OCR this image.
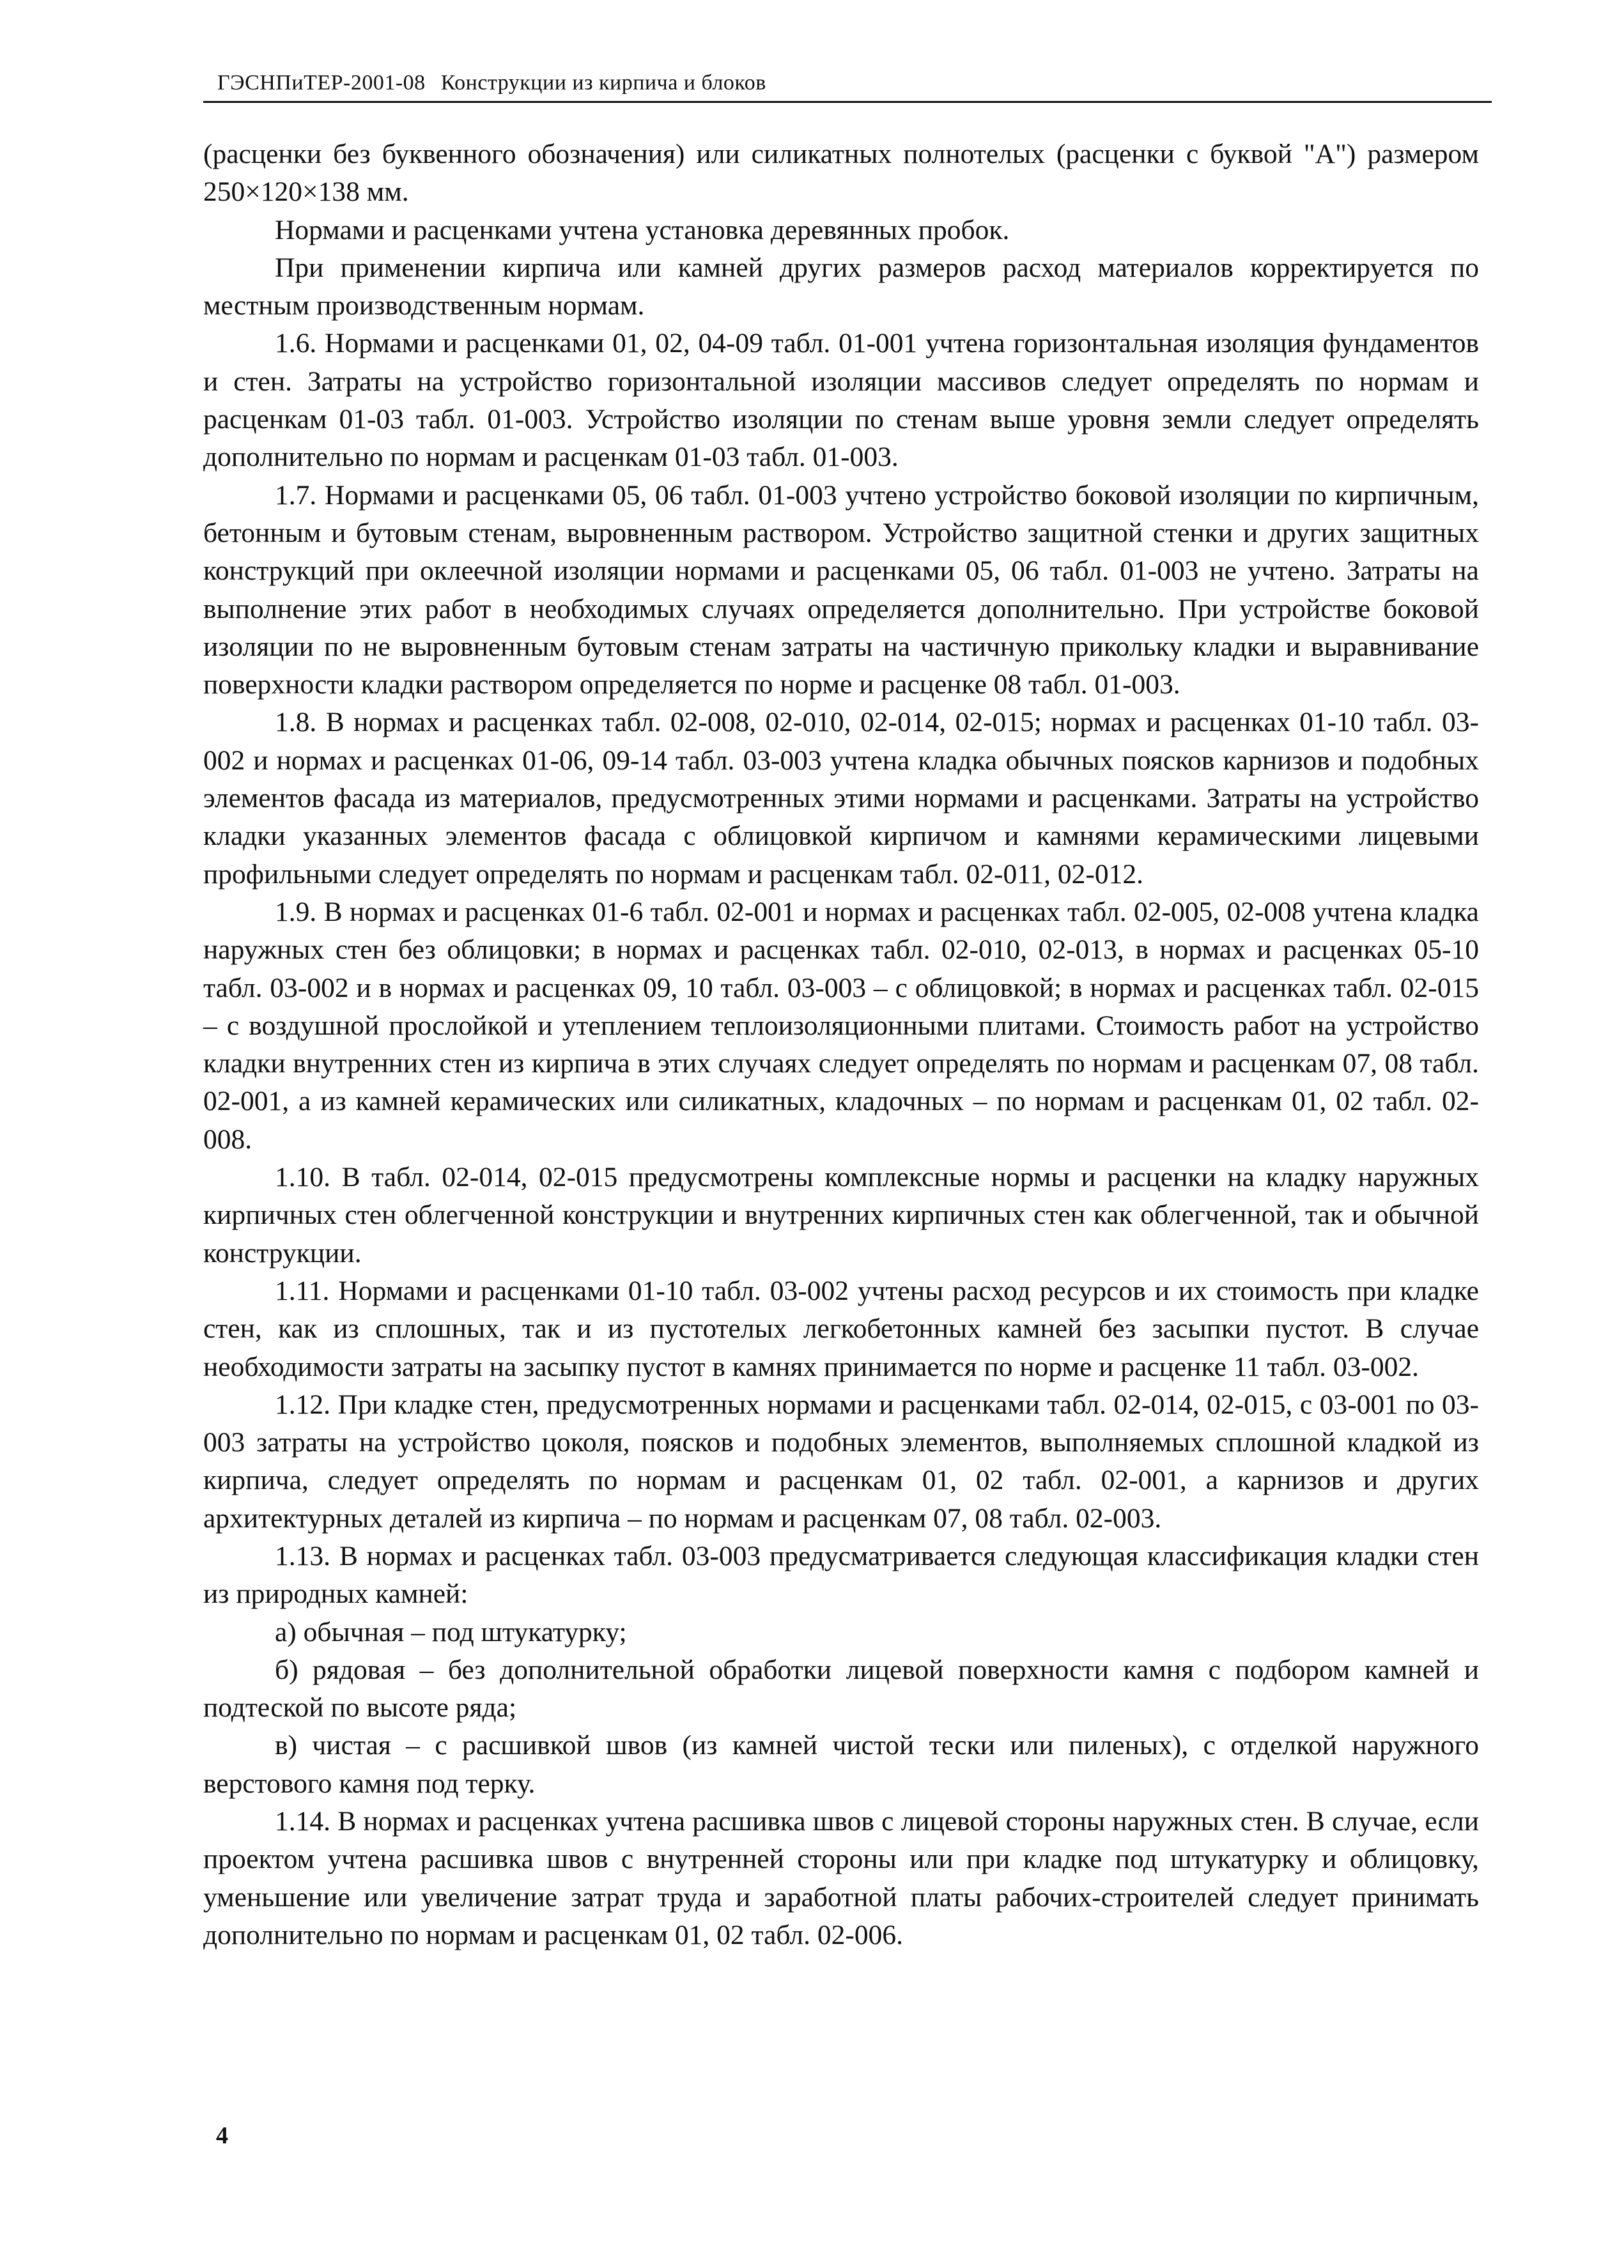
ГЭСНПиТЕР-2001-08 Конструкции из кирпича и блоков

(расценки без буквенного обозначения) или силикатных полнотелых (расценки с буквой "А") размером 250×120×138 мм.

Нормами и расценками учтена установка деревянных пробок.

При применении кирпича или камней других размеров расход материалов корректируется по местным производственным нормам.

1.6. Нормами и расценками 01, 02, 04-09 табл. 01-001 учтена горизонтальная изоляция фундаментов и стен. Затраты на устройство горизонтальной изоляции массивов следует определять по нормам и расценкам 01-03 табл. 01-003. Устройство изоляции по стенам выше уровня земли следует определять дополнительно по нормам и расценкам 01-03 табл. 01-003.

1.7. Нормами и расценками 05, 06 табл. 01-003 учтено устройство боковой изоляции по кирпичным, бетонным и бутовым стенам, выровненным раствором. Устройство защитной стенки и других защитных конструкций при оклеечной изоляции нормами и расценками 05, 06 табл. 01-003 не учтено. Затраты на выполнение этих работ в необходимых случаях определяется дополнительно. При устройстве боковой изоляции по не выровненным бутовым стенам затраты на частичную прикольку кладки и выравнивание поверхности кладки раствором определяется по норме и расценке 08 табл. 01-003.

1.8. В нормах и расценках табл. 02-008, 02-010, 02-014, 02-015; нормах и расценках 01-10 табл. 03-002 и нормах и расценках 01-06, 09-14 табл. 03-003 учтена кладка обычных поясков карнизов и подобных элементов фасада из материалов, предусмотренных этими нормами и расценками. Затраты на устройство кладки указанных элементов фасада с облицовкой кирпичом и камнями керамическими лицевыми профильными следует определять по нормам и расценкам табл. 02-011, 02-012.

1.9. В нормах и расценках 01-6 табл. 02-001 и нормах и расценках табл. 02-005, 02-008 учтена кладка наружных стен без облицовки; в нормах и расценках табл. 02-010, 02-013, в нормах и расценках 05-10 табл. 03-002 и в нормах и расценках 09, 10 табл. 03-003 – с облицовкой; в нормах и расценках табл. 02-015 – с воздушной прослойкой и утеплением теплоизоляционными плитами. Стоимость работ на устройство кладки внутренних стен из кирпича в этих случаях следует определять по нормам и расценкам 07, 08 табл. 02-001, а из камней керамических или силикатных, кладочных – по нормам и расценкам 01, 02 табл. 02-008.

1.10. В табл. 02-014, 02-015 предусмотрены комплексные нормы и расценки на кладку наружных кирпичных стен облегченной конструкции и внутренних кирпичных стен как облегченной, так и обычной конструкции.

1.11. Нормами и расценками 01-10 табл. 03-002 учтены расход ресурсов и их стоимость при кладке стен, как из сплошных, так и из пустотелых легкобетонных камней без засыпки пустот. В случае необходимости затраты на засыпку пустот в камнях принимается по норме и расценке 11 табл. 03-002.

1.12. При кладке стен, предусмотренных нормами и расценками табл. 02-014, 02-015, с 03-001 по 03-003 затраты на устройство цоколя, поясков и подобных элементов, выполняемых сплошной кладкой из кирпича, следует определять по нормам и расценкам 01, 02 табл. 02-001, а карнизов и других архитектурных деталей из кирпича – по нормам и расценкам 07, 08 табл. 02-003.

1.13. В нормах и расценках табл. 03-003 предусматривается следующая классификация кладки стен из природных камней:

а) обычная – под штукатурку;

б) рядовая – без дополнительной обработки лицевой поверхности камня с подбором камней и подтеской по высоте ряда;

в) чистая – с расшивкой швов (из камней чистой тески или пиленых), с отделкой наружного верстового камня под терку.

1.14. В нормах и расценках учтена расшивка швов с лицевой стороны наружных стен. В случае, если проектом учтена расшивка швов с внутренней стороны или при кладке под штукатурку и облицовку, уменьшение или увеличение затрат труда и заработной платы рабочих-строителей следует принимать дополнительно по нормам и расценкам 01, 02 табл. 02-006.

4
